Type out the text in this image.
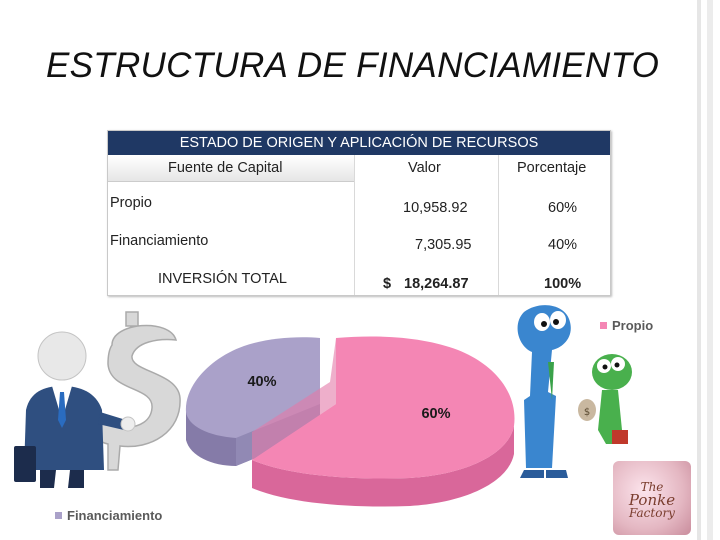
ESTRUCTURA DE FINANCIAMIENTO
ESTADO DE ORIGEN Y APLICACIÓN DE RECURSOS
Fuente de Capital	Valor	Porcentaje
Propio	10,958.92	60%
Financiamiento	7,305.95	40%
INVERSIÓN TOTAL	$ 18,264.87	100%
40%
60%	$
Propio
Financiamiento
The
Ponke
Factory
